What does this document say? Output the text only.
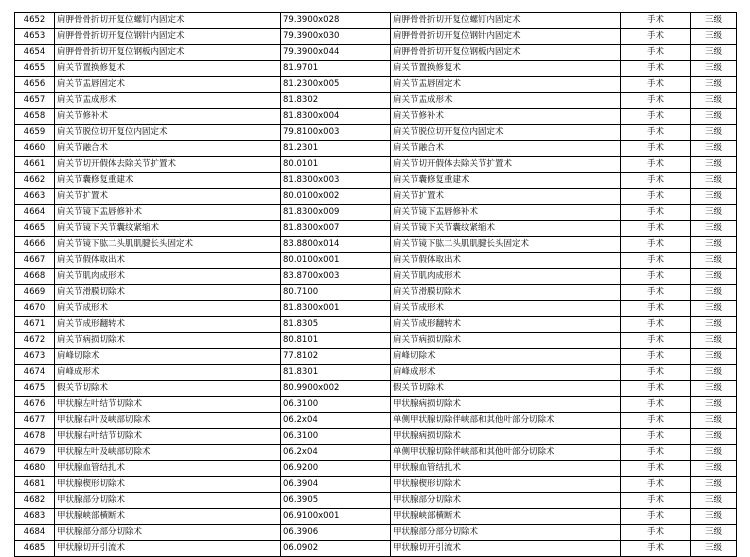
4652	肩胛骨骨折切开复位螺钉内固定术	79.3900x028	肩胛骨骨折切开复位螺钉内固定术	手术	三级
4653	肩胛骨骨折切开复位钢针内固定术	79.3900x030	肩胛骨骨折切开复位钢针内固定术	手术	三级
4654	肩胛骨骨折切开复位钢板内固定术	79.3900x044	肩胛骨骨折切开复位钢板内固定术	手术	三级
4655	肩关节置换修复术	81.9701	肩关节置换修复术	手术	三级
4656	肩关节盂唇固定术	81.2300x005	肩关节盂唇固定术	手术	三级
4657	肩关节盂成形术	81.8302	肩关节盂成形术	手术	三级
4658	肩关节修补术	81.8300x004	肩关节修补术	手术	三级
4659	肩关节脱位切开复位内固定术	79.8100x003	肩关节脱位切开复位内固定术	手术	三级
4660	肩关节融合术	81.2301	肩关节融合术	手术	三级
4661	肩关节切开假体去除关节扩置术	80.0101	肩关节切开假体去除关节扩置术	手术	三级
4662	肩关节囊修复重建术	81.8300x003	肩关节囊修复重建术	手术	三级
4663	肩关节扩置术	80.0100x002	肩关节扩置术	手术	三级
4664	肩关节镜下盂唇修补术	81.8300x009	肩关节镜下盂唇修补术	手术	三级
4665	肩关节镜下关节囊纹紧缩术	81.8300x007	肩关节镜下关节囊纹紧缩术	手术	三级
4666	肩关节镜下肱二头肌肌腱长头固定术	83.8800x014	肩关节镜下肱二头肌肌腱长头固定术	手术	三级
4667	肩关节假体取出术	80.0100x001	肩关节假体取出术	手术	三级
4668	肩关节肌肉成形术	83.8700x003	肩关节肌肉成形术	手术	三级
4669	肩关节滑膜切除术	80.7100	肩关节滑膜切除术	手术	三级
4670	肩关节成形术	81.8300x001	肩关节成形术	手术	三级
4671	肩关节成形翻转术	81.8305	肩关节成形翻转术	手术	三级
4672	肩关节病损切除术	80.8101	肩关节病损切除术	手术	三级
4673	肩峰切除术	77.8102	肩峰切除术	手术	三级
4674	肩峰成形术	81.8301	肩峰成形术	手术	三级
4675	假关节切除术	80.9900x002	假关节切除术	手术	三级
4676	甲状腺左叶结节切除术	06.3100	甲状腺病损切除术	手术	三级
4677	甲状腺右叶及峡部切除术	06.2x04	单侧甲状腺切除伴峡部和其他叶部分切除术	手术	三级
4678	甲状腺右叶结节切除术	06.3100	甲状腺病损切除术	手术	三级
4679	甲状腺左叶及峡部切除术	06.2x04	单侧甲状腺切除伴峡部和其他叶部分切除术	手术	三级
4680	甲状腺血管结扎术	06.9200	甲状腺血管结扎术	手术	三级
4681	甲状腺楔形切除术	06.3904	甲状腺楔形切除术	手术	三级
4682	甲状腺部分切除术	06.3905	甲状腺部分切除术	手术	三级
4683	甲状腺峡部横断术	06.9100x001	甲状腺峡部横断术	手术	三级
4684	甲状腺部分部分切除术	06.3906	甲状腺部分部分切除术	手术	三级
4685	甲状腺切开引流术	06.0902	甲状腺切开引流术	手术	三级
